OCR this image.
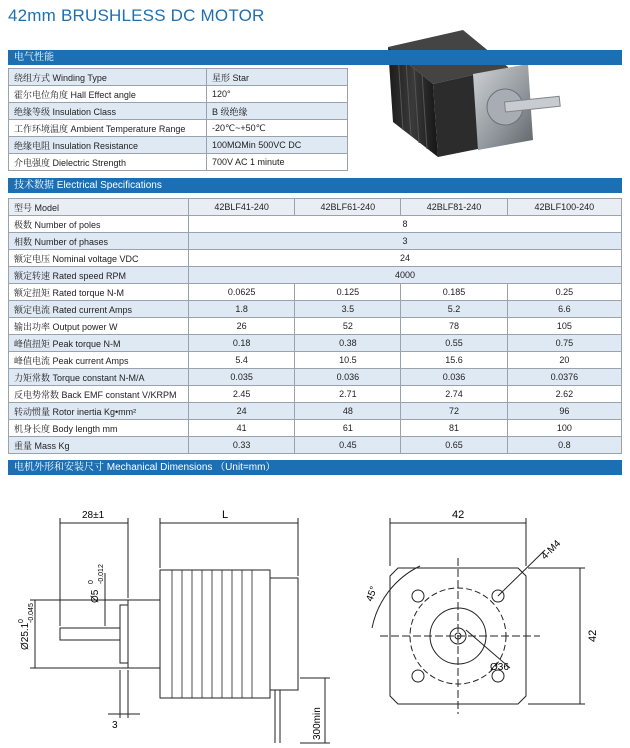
42mm BRUSHLESS DC MOTOR
电气性能
绕组方式 Winding Type	星形 Star
霍尔电位角度 Hall Effect angle	120°
绝缘等级 Insulation Class	B 级绝缘
工作环境温度 Ambient Temperature Range	-20℃~+50℃
绝缘电阻 Insulation Resistance	100MΩMin 500VC DC
介电强度 Dielectric Strength	700V AC 1 minute
技术数据 Electrical Specifications
型号 Model	42BLF41-240	42BLF61-240	42BLF81-240	42BLF100-240
极数 Number of poles	8			
相数 Number of phases	3			
额定电压 Nominal voltage VDC	24			
额定转速 Rated speed RPM	4000			
额定扭矩 Rated torque N-M	0.0625	0.125	0.185	0.25
额定电流 Rated current Amps	1.8	3.5	5.2	6.6
输出功率 Output power W	26	52	78	105
峰值扭矩 Peak torque N-M	0.18	0.38	0.55	0.75
峰值电流 Peak current Amps	5.4	10.5	15.6	20
力矩常数 Torque constant N-M/A	0.035	0.036	0.036	0.0376
反电势常数 Back EMF constant V/KRPM	2.45	2.71	2.74	2.62
转动惯量 Rotor inertia Kg•mm²	24	48	72	96
机身长度 Body length mm	41	61	81	100
重量 Mass Kg	0.33	0.45	0.65	0.8
电机外形和安装尺寸 Mechanical Dimensions （Unit=mm）
28±1	L
Ø5
0 -0.012
Ø25.1
0 -0.045
3	300min
42
42
45°
4-M4
Ø36
